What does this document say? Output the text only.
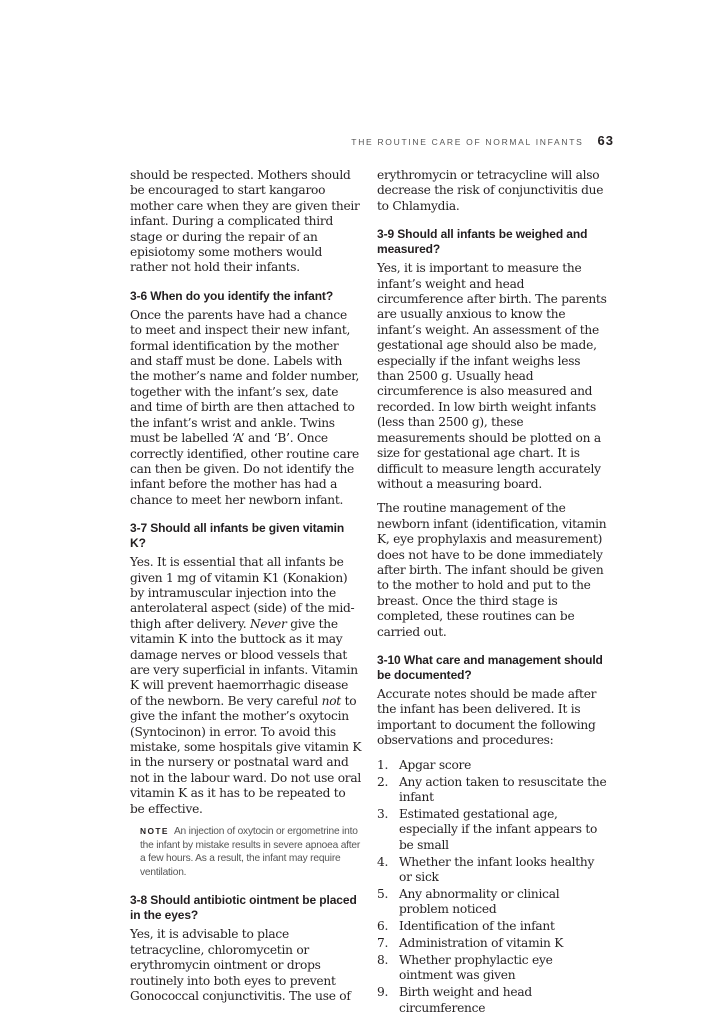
THE ROUTINE CARE OF NORMAL INFANTS 63

should be respected. Mothers should be encouraged to start kangaroo mother care when they are given their infant. During a complicated third stage or during the repair of an episiotomy some mothers would rather not hold their infants.

3-6 When do you identify the infant?

Once the parents have had a chance to meet and inspect their new infant, formal identification by the mother and staff must be done. Labels with the mother’s name and folder number, together with the infant’s sex, date and time of birth are then attached to the infant’s wrist and ankle. Twins must be labelled ‘A’ and ‘B’. Once correctly identified, other routine care can then be given. Do not identify the infant before the mother has had a chance to meet her newborn infant.

3-7 Should all infants be given vitamin K?

Yes. It is essential that all infants be given 1 mg of vitamin K1 (Konakion) by intramuscular injection into the anterolateral aspect (side) of the mid-thigh after delivery. Never give the vitamin K into the buttock as it may damage nerves or blood vessels that are very superficial in infants. Vitamin K will prevent haemorrhagic disease of the newborn. Be very careful not to give the infant the mother’s oxytocin (Syntocinon) in error. To avoid this mistake, some hospitals give vitamin K in the nursery or postnatal ward and not in the labour ward. Do not use oral vitamin K as it has to be repeated to be effective.

NOTE An injection of oxytocin or ergometrine into the infant by mistake results in severe apnoea after a few hours. As a result, the infant may require ventilation.
3-8 Should antibiotic ointment be placed in the eyes?

Yes, it is advisable to place tetracycline, chloromycetin or erythromycin ointment or drops routinely into both eyes to prevent Gonococcal conjunctivitis. The use of

erythromycin or tetracycline will also decrease the risk of conjunctivitis due to Chlamydia.

3-9 Should all infants be weighed and measured?

Yes, it is important to measure the infant’s weight and head circumference after birth. The parents are usually anxious to know the infant’s weight. An assessment of the gestational age should also be made, especially if the infant weighs less than 2500 g. Usually head circumference is also measured and recorded. In low birth weight infants (less than 2500 g), these measurements should be plotted on a size for gestational age chart. It is difficult to measure length accurately without a measuring board.

The routine management of the newborn infant (identification, vitamin K, eye prophylaxis and measurement) does not have to be done immediately after birth. The infant should be given to the mother to hold and put to the breast. Once the third stage is completed, these routines can be carried out.

3-10 What care and management should be documented?

Accurate notes should be made after the infant has been delivered. It is important to document the following observations and procedures:

1. Apgar score
2. Any action taken to resuscitate the infant
3. Estimated gestational age, especially if the infant appears to be small
4. Whether the infant looks healthy or sick
5. Any abnormality or clinical problem noticed
6. Identification of the infant
7. Administration of vitamin K
8. Whether prophylactic eye ointment was given
9. Birth weight and head circumference
